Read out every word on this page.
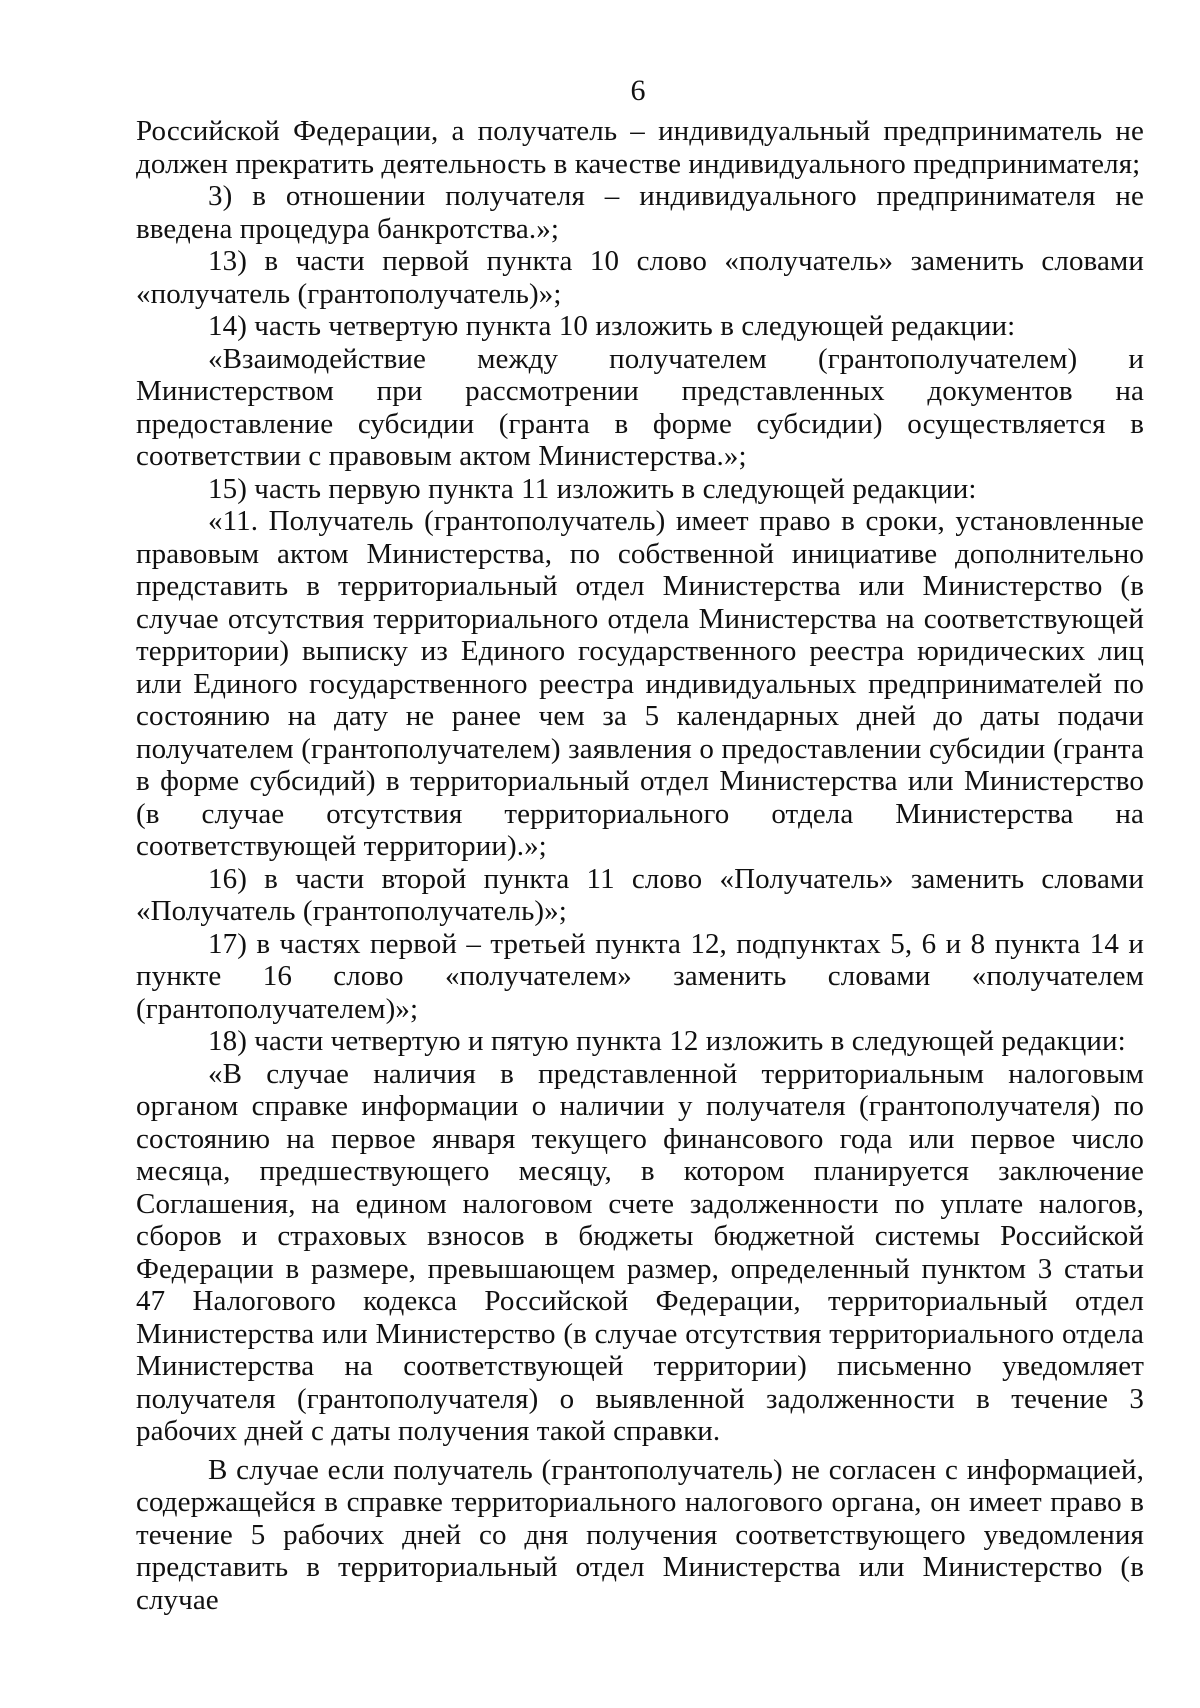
6

Российской Федерации, а получатель – индивидуальный предприниматель не должен прекратить деятельность в качестве индивидуального предпринимателя;

3) в отношении получателя – индивидуального предпринимателя не введена процедура банкротства.»;

13) в части первой пункта 10 слово «получатель» заменить словами «получатель (грантополучатель)»;

14) часть четвертую пункта 10 изложить в следующей редакции:

«Взаимодействие между получателем (грантополучателем) и Министерством при рассмотрении представленных документов на предоставление субсидии (гранта в форме субсидии) осуществляется в соответствии с правовым актом Министерства.»;

15) часть первую пункта 11 изложить в следующей редакции:

«11. Получатель (грантополучатель) имеет право в сроки, установленные правовым актом Министерства, по собственной инициативе дополнительно представить в территориальный отдел Министерства или Министерство (в случае отсутствия территориального отдела Министерства на соответствующей территории) выписку из Единого государственного реестра юридических лиц или Единого государственного реестра индивидуальных предпринимателей по состоянию на дату не ранее чем за 5 календарных дней до даты подачи получателем (грантополучателем) заявления о предоставлении субсидии (гранта в форме субсидий) в территориальный отдел Министерства или Министерство (в случае отсутствия территориального отдела Министерства на соответствующей территории).»;

16) в части второй пункта 11 слово «Получатель» заменить словами «Получатель (грантополучатель)»;

17) в частях первой – третьей пункта 12, подпунктах 5, 6 и 8 пункта 14 и пункте 16 слово «получателем» заменить словами «получателем (грантополучателем)»;

18) части четвертую и пятую пункта 12 изложить в следующей редакции:

«В случае наличия в представленной территориальным налоговым органом справке информации о наличии у получателя (грантополучателя) по состоянию на первое января текущего финансового года или первое число месяца, предшествующего месяцу, в котором планируется заключение Соглашения, на едином налоговом счете задолженности по уплате налогов, сборов и страховых взносов в бюджеты бюджетной системы Российской Федерации в размере, превышающем размер, определенный пунктом 3 статьи 47 Налогового кодекса Российской Федерации, территориальный отдел Министерства или Министерство (в случае отсутствия территориального отдела Министерства на соответствующей территории) письменно уведомляет получателя (грантополучателя) о выявленной задолженности в течение 3 рабочих дней с даты получения такой справки.

В случае если получатель (грантополучатель) не согласен с информацией, содержащейся в справке территориального налогового органа, он имеет право в течение 5 рабочих дней со дня получения соответствующего уведомления представить в территориальный отдел Министерства или Министерство (в случае
